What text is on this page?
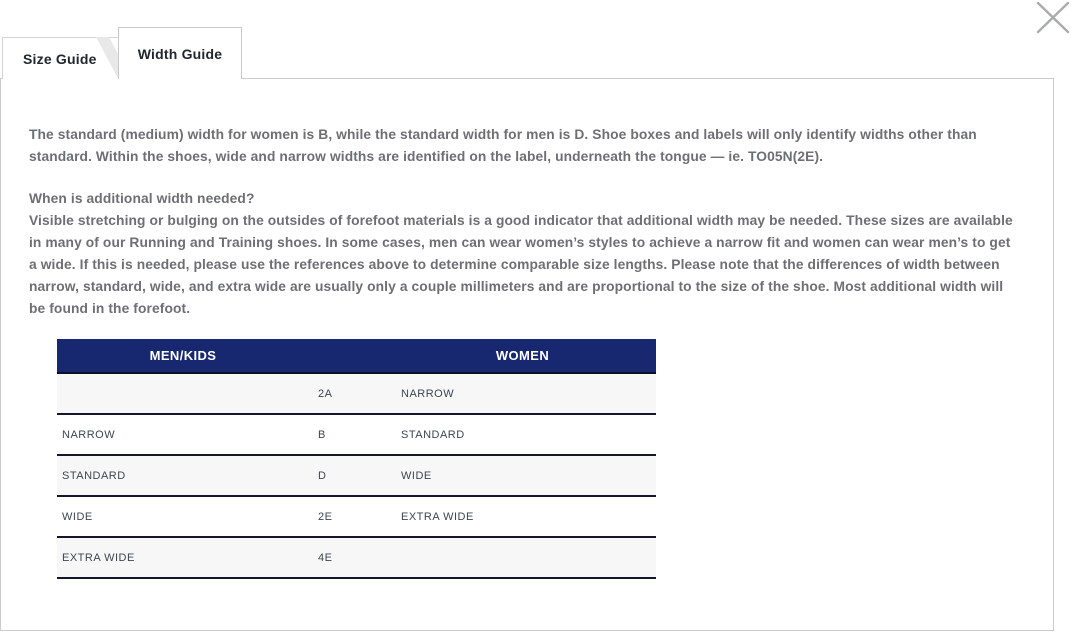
Size Guide	Width Guide

The standard (medium) width for women is B, while the standard width for men is D. Shoe boxes and labels will only identify widths other than standard. Within the shoes, wide and narrow widths are identified on the label, underneath the tongue — ie. TO05N(2E).

When is additional width needed?
Visible stretching or bulging on the outsides of forefoot materials is a good indicator that additional width may be needed. These sizes are available in many of our Running and Training shoes. In some cases, men can wear women’s styles to achieve a narrow fit and women can wear men’s to get a wide. If this is needed, please use the references above to determine comparable size lengths. Please note that the differences of width between narrow, standard, wide, and extra wide are usually only a couple millimeters and are proportional to the size of the shoe. Most additional width will be found in the forefoot.
MEN/KIDS		WOMEN
	2A	NARROW
NARROW	B	STANDARD
STANDARD	D	WIDE
WIDE	2E	EXTRA WIDE
EXTRA WIDE	4E	
